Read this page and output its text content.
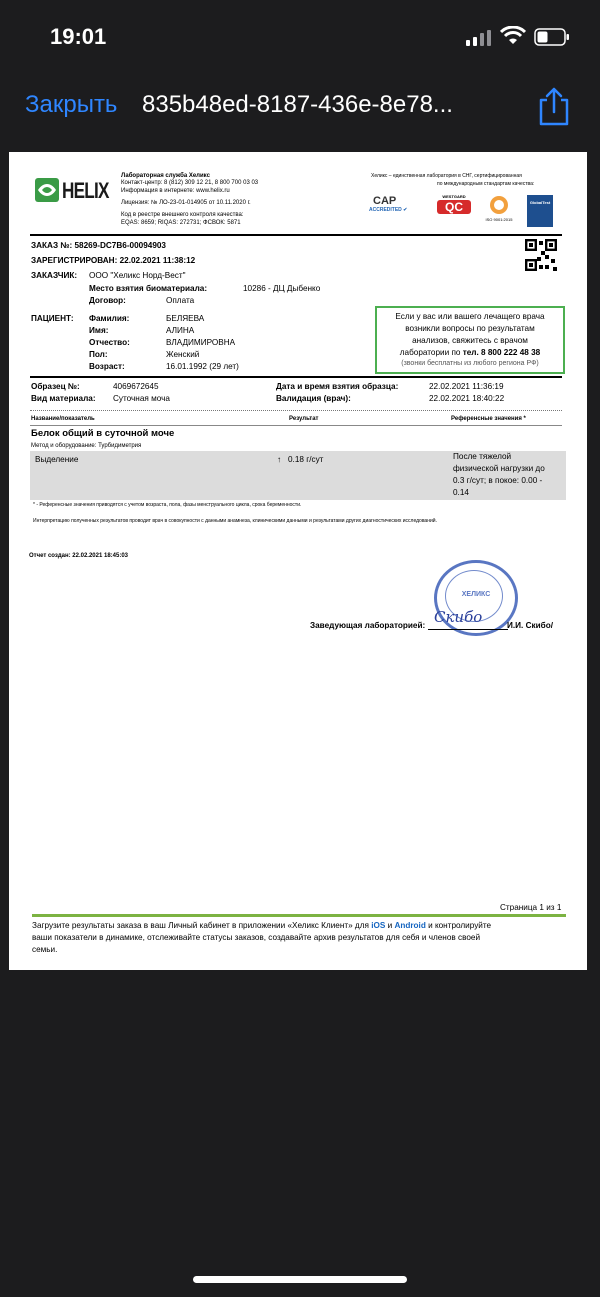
19:01
Закрыть 835b48ed-8187-436e-8e78...
HELIX
Лабораторная служба Хеликс
Контакт-центр: 8 (812) 309 12 21, 8 800 700 03 03
Информация в интернете: www.helix.ru
Лицензия: № ЛО-23-01-014905 от 10.11.2020 г.
Код в реестре внешнего контроля качества:
EQAS: 8659; RIQAS: 272731; ФСВОК: 5871
Хеликс – единственная лаборатория в СНГ, сертифицированная
по международным стандартам качества:
CAP
ACCREDITED ✔
WESTGARD
QC
ISO 9001:2015
GlobalTest
ЗАКАЗ №: 58269-DC7B6-00094903
ЗАРЕГИСТРИРОВАН: 22.02.2021 11:38:12
ЗАКАЗЧИК: ООО "Хеликс Норд-Вест"
Место взятия биоматериала:	10286 - ДЦ Дыбенко
Договор:	Оплата
ПАЦИЕНТ: Фамилия:	БЕЛЯЕВА
Имя:	АЛИНА
Отчество:	ВЛАДИМИРОВНА
Пол:	Женский
Возраст:	16.01.1992 (29 лет)
Если у вас или вашего лечащего врача
возникли вопросы по результатам
анализов, свяжитесь с врачом
лаборатории по тел. 8 800 222 48 38
(звонки бесплатны из любого региона РФ)
Образец №:	4069672645
Вид материала: Суточная моча
Дата и время взятия образца:	22.02.2021 11:36:19
Валидация (врач):	22.02.2021 18:40:22
Название/показатель	Результат	Референсные значения *
Белок общий в суточной моче
Метод и оборудование: Турбидиметрия
Выделение	↑ 0.18 г/сут	После тяжелой
физической нагрузки до
0.3 г/сут; в покое: 0.00 -
0.14
* - Референсные значения приводятся с учетом возраста, пола, фазы менструального цикла, срока беременности.
Интерпретацию полученных результатов проводит врач в совокупности с данными анамнеза, клиническими данными и результатами других диагностических исследований.
Отчет создан: 22.02.2021 18:45:03
ХЕЛИКС
Заведующая лабораторией: Скибо	И.И. Скибо/
Страница 1 из 1
Загрузите результаты заказа в ваш Личный кабинет в приложении «Хеликс Клиент» для iOS и Android и контролируйте
ваши показатели в динамике, отслеживайте статусы заказов, создавайте архив результатов для себя и членов своей
семьи.
